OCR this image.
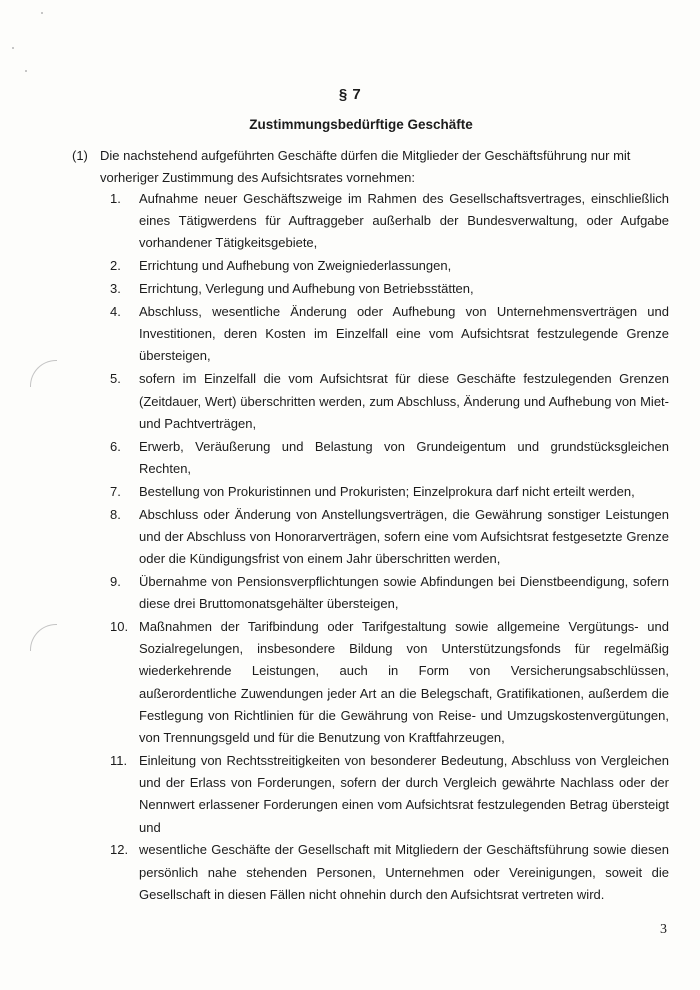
§ 7
Zustimmungsbedürftige Geschäfte
(1) Die nachstehend aufgeführten Geschäfte dürfen die Mitglieder der Geschäftsführung nur mit vorheriger Zustimmung des Aufsichtsrates vornehmen:
1.	Aufnahme neuer Geschäftszweige im Rahmen des Gesellschaftsvertrages, einschließlich eines Tätigwerdens für Auftraggeber außerhalb der Bundesverwaltung, oder Aufgabe vorhandener Tätigkeitsgebiete,
2.	Errichtung und Aufhebung von Zweigniederlassungen,
3.	Errichtung, Verlegung und Aufhebung von Betriebsstätten,
4.	Abschluss, wesentliche Änderung oder Aufhebung von Unternehmensverträgen und Investitionen, deren Kosten im Einzelfall eine vom Aufsichtsrat festzulegende Grenze übersteigen,
5.	sofern im Einzelfall die vom Aufsichtsrat für diese Geschäfte festzulegenden Grenzen (Zeitdauer, Wert) überschritten werden, zum Abschluss, Änderung und Aufhebung von Miet- und Pachtverträgen,
6.	Erwerb, Veräußerung und Belastung von Grundeigentum und grundstücksgleichen Rechten,
7.	Bestellung von Prokuristinnen und Prokuristen; Einzelprokura darf nicht erteilt werden,
8.	Abschluss oder Änderung von Anstellungsverträgen, die Gewährung sonstiger Leistungen und der Abschluss von Honorarverträgen, sofern eine vom Aufsichtsrat festgesetzte Grenze oder die Kündigungsfrist von einem Jahr überschritten werden,
9.	Übernahme von Pensionsverpflichtungen sowie Abfindungen bei Dienstbeendigung, sofern diese drei Bruttomonatsgehälter übersteigen,
10. Maßnahmen der Tarifbindung oder Tarifgestaltung sowie allgemeine Vergütungs- und Sozialregelungen, insbesondere Bildung von Unterstützungsfonds für regelmäßig wiederkehrende Leistungen, auch in Form von Versicherungsabschlüssen, außerordentliche Zuwendungen jeder Art an die Belegschaft, Gratifikationen, außerdem die Festlegung von Richtlinien für die Gewährung von Reise- und Umzugskostenvergütungen, von Trennungsgeld und für die Benutzung von Kraftfahrzeugen,
11. Einleitung von Rechtsstreitigkeiten von besonderer Bedeutung, Abschluss von Vergleichen und der Erlass von Forderungen, sofern der durch Vergleich gewährte Nachlass oder der Nennwert erlassener Forderungen einen vom Aufsichtsrat festzulegenden Betrag übersteigt und
12. wesentliche Geschäfte der Gesellschaft mit Mitgliedern der Geschäftsführung sowie diesen persönlich nahe stehenden Personen, Unternehmen oder Vereinigungen, soweit die Gesellschaft in diesen Fällen nicht ohnehin durch den Aufsichtsrat vertreten wird.
3
